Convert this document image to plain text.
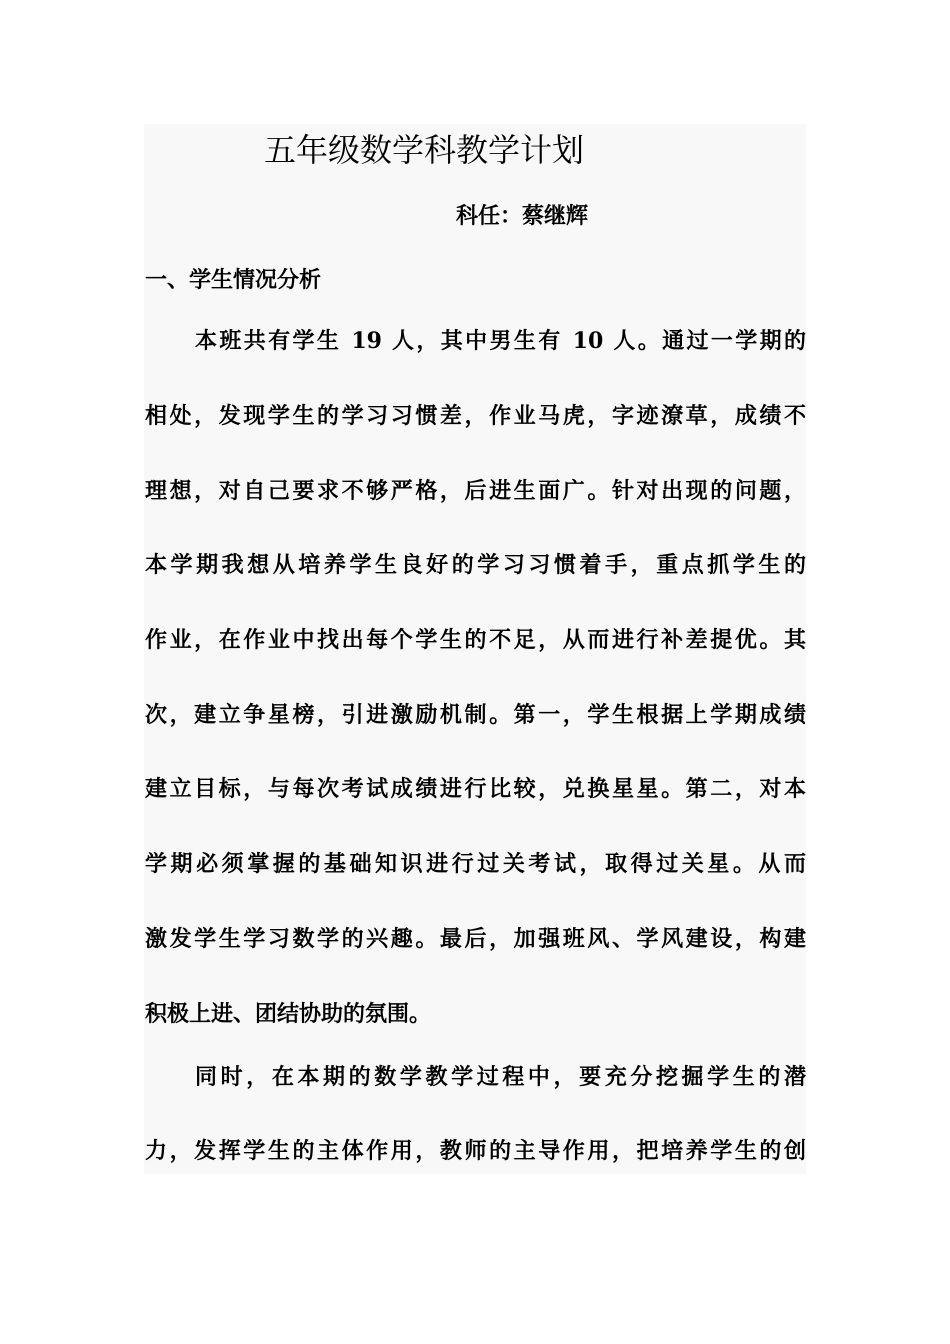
五年级数学科教学计划
科任：蔡继辉
一、学生情况分析
本班共有学生 19 人，其中男生有 10 人。通过一学期的
相处，发现学生的学习习惯差，作业马虎，字迹潦草，成绩不
理想，对自己要求不够严格，后进生面广。针对出现的问题，
本学期我想从培养学生良好的学习习惯着手，重点抓学生的
作业，在作业中找出每个学生的不足，从而进行补差提优。其
次，建立争星榜，引进激励机制。第一，学生根据上学期成绩
建立目标，与每次考试成绩进行比较，兑换星星。第二，对本
学期必须掌握的基础知识进行过关考试，取得过关星。从而
激发学生学习数学的兴趣。最后，加强班风、学风建设，构建
积极上进、团结协助的氛围。
同时，在本期的数学教学过程中，要充分挖掘学生的潜
力，发挥学生的主体作用，教师的主导作用，把培养学生的创
